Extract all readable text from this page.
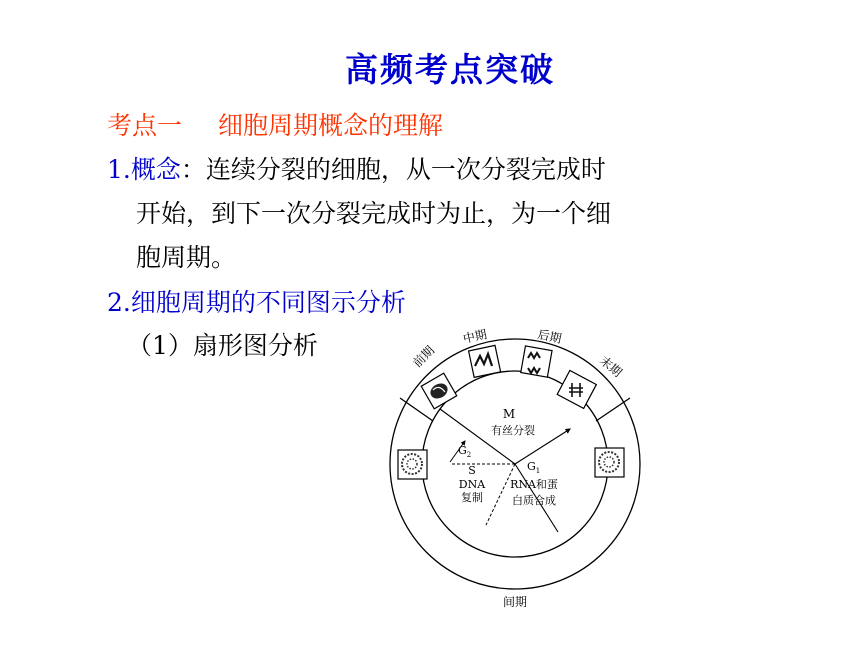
高频考点突破
考点一 细胞周期概念的理解
1.概念：连续分裂的细胞，从一次分裂完成时
开始，到下一次分裂完成时为止，为一个细
胞周期。
2.细胞周期的不同图示分析
（1）扇形图分析	前期
中期	后期
末期
M
有丝分裂
$G_2$
S
DNA
复制
$G_1$
RNA和蛋
白质合成
间期
